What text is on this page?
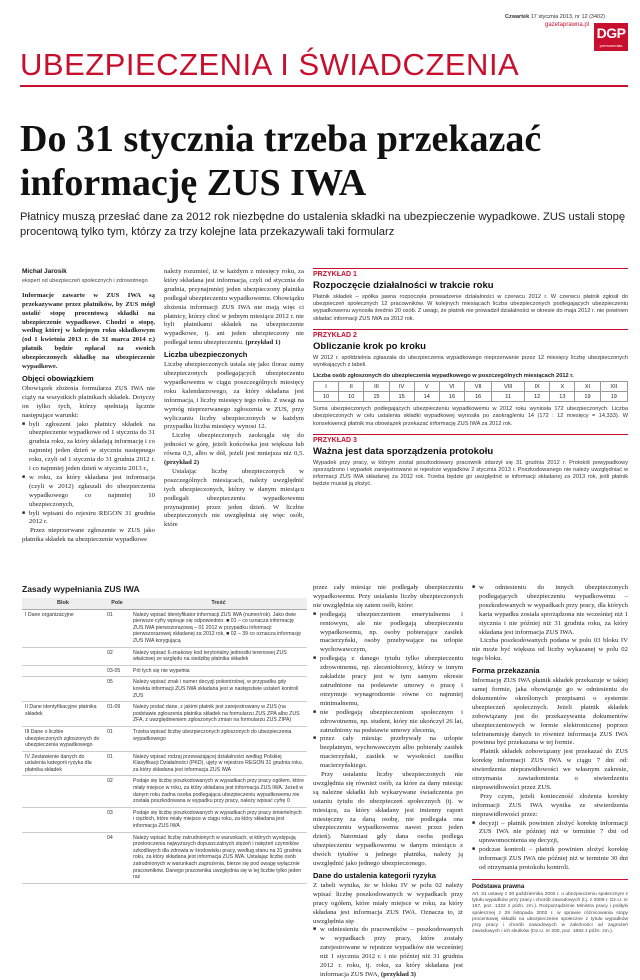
Czwartek 17 stycznia 2013, nr 12 (3402)
gazetaprawna.pl DGP
prenumerata
UBEZPIECZENIA I ŚWIADCZENIA
Do 31 stycznia trzeba przekazać informację ZUS IWA
Płatnicy muszą przesłać dane za 2012 rok niezbędne do ustalenia składki na ubezpieczenie wypadkowe. ZUS ustali stopę procentową tylko tym, którzy za trzy kolejne lata przekazywali taki formularz
Michał Jarosik
ekspert od ubezpieczeń społecznych i zdrowotnego

Informacje zawarte w ZUS IWA są przekazywane przez płatników, by ZUS mógł ustalić stopę procentową składki na ubezpieczenie wypadkowe. Chodzi o stopę, według której w kolejnym roku składkowym (od 1 kwietnia 2013 r. do 31 marca 2014 r.) płatnik będzie opłacał za swoich ubezpieczonych składkę na ubezpieczenie wypadkowe.

Objęci obowiązkiem

Obowiązek złożenia formularza ZUS IWA nie ciąży na wszystkich płatnikach składek. Dotyczy on tylko tych, którzy spełniają łącznie następujące warunki:

■ byli zgłoszeni jako płatnicy składek na ubezpieczenie wypadkowe od 1 stycznia do 31 grudnia roku, za który składają informację i co najmniej jeden dzień w styczniu następnego roku, czyli od 1 stycznia do 31 grudnia 2012 r. i co najmniej jeden dzień w styczniu 2013 r.,
■ w roku, za który składana jest informacja (czyli w 2012) zgłaszali do ubezpieczenia wypadkowego co najmniej 10 ubezpieczonych,
■ byli wpisani do rejestru REGON 31 grudnia 2012 r.

Przez nieprzerwane zgłoszenie w ZUS jako płatnika składek na ubezpieczenie wypadkowe

należy rozumieć, iż w każdym z miesięcy roku, za który składana jest informacja, czyli od stycznia do grudnia, przynajmniej jeden ubezpieczony płatnika podlegał ubezpieczeniu wypadkowemu. Obowiązku złożenia informacji ZUS IWA nie mają więc ci płatnicy, którzy choć w jednym miesiącu 2012 r. nie byli płatnikami składek na ubezpieczenie wypadkowe, tj. ani jeden ubezpieczony nie podlegał temu ubezpieczeniu. (przykład 1)

Liczba ubezpieczonych

Liczbę ubezpieczonych ustala się jako iloraz sumy ubezpieczonych podlegających ubezpieczeniu wypadkowemu w ciągu poszczególnych miesięcy roku kalendarzowego, za który składana jest informacja, i liczby miesięcy tego roku. Z uwagi na wymóg nieprzerwanego zgłoszenia w ZUS, przy wyliczaniu liczby ubezpieczonych w każdym przypadku liczba miesięcy wynosi 12.

Liczbę ubezpieczonych zaokrągla się do jedności w górę, jeżeli końcówka jest większa lub równa 0,5, albo w dół, jeżeli jest mniejsza niż 0,5. (przykład 2)

Ustalając liczbę ubezpieczonych w poszczególnych miesiącach, należy uwzględnić tych ubezpieczonych, którzy w danym miesiącu podlegali ubezpieczeniu wypadkowemu przynajmniej przez jeden dzień. W liczbie ubezpieczonych nie uwzględnia się więc osób, które

PRZYKŁAD 1
Rozpoczęcie działalności w trakcie roku
Płatnik składek – spółka jawna rozpoczęła prowadzenie działalności w czerwcu 2012 r. W czerwcu płatnik zgłosił do ubezpieczeń społecznych 12 pracowników. W kolejnych miesiącach liczba ubezpieczonych podlegających ubezpieczeniu wypadkowemu wynosiła średnio 20 osób. Z uwagi, że płatnik nie prowadził działalności w okresie do maja 2012 r. nie powinien składać informacji ZUS IWA za 2012 rok.
PRZYKŁAD 2
Obliczanie krok po kroku
W 2012 r. spółdzielnia zgłaszała do ubezpieczenia wypadkowego nieprzerwanie przez 12 miesięcy liczbę ubezpieczonych wynikających z tabeli.
Liczba osób zgłoszonych do ubezpieczenia wypadkowego w poszczególnych miesiącach 2012 r.
I	II	III	IV	V	VI	VII	VIII	IX	X	XI	XII
10	10	15	15	14	16	16	11	12	13	19	19
Suma ubezpieczonych podlegających ubezpieczeniu wypadkowemu w 2012 roku wyniosła 172 ubezpieczonych. Liczba ubezpieczonych w celu ustalenia składki wypadkowej wynosiła po zaokrągleniu 14 (172 : 12 miesięcy = 14,333). W konsekwencji płatnik ma obowiązek przekazać informację ZUS IWA za 2012 rok.
PRZYKŁAD 3
Ważna jest data sporządzenia protokołu
Wypadek przy pracy, w którym został poszkodowany pracownik zdarzył się 31 grudnia 2012 r. Protokół powypadkowy sporządzono i wypadek zarejestrowano w rejestrze wypadków 2 stycznia 2013 r. Poszkodowanego nie należy uwzględniać w informacji ZUS IWA składanej za 2012 rok. Trzeba będzie go uwzględnić w informacji składanej za 2013 rok, jeśli płatnik będzie musiał ją złożyć.
Zasady wypełniania ZUS IWA
Blok	Pole	Treść
I Dane organizacyjne	01	Należy wpisać identyfikator informacji ZUS IWA (numer/rok). Jako dwie pierwsze cyfry wpisuje się odpowiednio: ■ 01 – co oznacza informację ZUS IWA pierwszorazową – 01 2012 w przypadku informacji pierwszorazowej składanej za 2012 rok, ■ 02 – 39 co oznacza informację ZUS IWA korygującą
	02	Należy wpisać 6-znakowy kod terytorialny jednostki terenowej ZUS właściwej ze względu na siedzibę płatnika składek
	03-05	Pól tych się nie wypełnia
	05	Należy wpisać znak i numer decyzji pokontrolnej, w przypadku gdy korekta informacji ZUS IWA składana jest w następstwie ustaleń kontroli ZUS
II Dane identyfikacyjne płatnika składek	01-09	Należy podać dane, z jakimi płatnik jest zarejestrowany w ZUS (na podstawie zgłoszenia płatnika składek na formularzu ZUS ZPA albo ZUS ZFA, z uwzględnieniem zgłoszonych zmian na formularzu ZUS ZIPA)
III Dane o liczbie ubezpieczonych zgłoszonych do ubezpieczenia wypadkowego	01	Trzeba wpisać liczbę ubezpieczonych zgłoszonych do ubezpieczenia wypadkowego
IV Zestawienie danych do ustalenia kategorii ryzyka dla płatnika składek	01	Należy wpisać rodzaj przeważającej działalności według Polskiej Klasyfikacji Działalności (PKD), ujęty w rejestrze REGON 31 grudnia roku, za który składana jest informacja ZUS IWA
	02	Podaje się liczbę poszkodowanych w wypadkach przy pracy ogółem, które miały miejsce w roku, za który składana jest informacja ZUS IWA. Jeżeli w danym roku żadna osoba podlegająca ubezpieczeniu wypadkowemu nie została poszkodowana w wypadku przy pracy, należy wpisać cyfrę 0
	03	Podaje się liczbę poszkodowanych w wypadkach przy pracy śmiertelnych i ciężkich, które miały miejsce w ciągu roku, za który składana jest informacja ZUS IWA
	04	Należy wpisać liczbę zatrudnionych w warunkach, w których występują przekroczenia najwyższych dopuszczalnych stężeń i natężeń czynników szkodliwych dla zdrowia w środowisku pracy, według stanu na 31 grudnia roku, za który składana jest informacja ZUS IWA. Ustalając liczbę osób zatrudnionych w warunkach zagrożenia, bierze się pod uwagę wyłącznie pracowników. Danego pracownika uwzględnia się w tej liczbie tylko jeden raz

przez cały miesiąc nie podlegały ubezpieczeniu wypadkowemu. Przy ustalaniu liczby ubezpieczonych nie uwzględnia się zatem osób, które:

■ podlegają ubezpieczeniom emerytalnemu i rentowym, ale nie podlegają ubezpieczeniu wypadkowemu, np. osoby pobierające zasiłek macierzyński, osoby przebywające na urlopie wychowawczym,
■ podlegają z danego tytułu tylko ubezpieczeniu zdrowotnemu, np. zleceniobiorcy, którzy w innym zakładzie pracy jest w tym samym okresie zatrudnione na podstawie umowy o pracę i otrzymuje wynagrodzenie równe co najmniej minimalnemu,
■ nie podlegają ubezpieczeniom społecznym i zdrowotnemu, np. student, który nie ukończył 26 lat, zatrudniony na podstawie umowy zlecenia,
■ przez cały miesiąc przebywały na urlopie bezpłatnym, wychowawczym albo pobierały zasiłek macierzyński, zasiłek w wysokości zasiłku macierzyńskiego.

Przy ustalaniu liczby ubezpieczonych nie uwzględnia się również osób, za które za dany miesiąc są należne składki lub wykazywane świadczenia po ustaniu tytułu do ubezpieczeń społecznych (tj. w miesiącu, za który składany jest imienny raport miesięczny za daną osobę, nie podlegała ona ubezpieczeniu wypadkowemu nawet przez jeden dzień). Natomiast gdy dana osoba podlega ubezpieczeniu wypadkowemu w danym miesiącu z dwóch tytułów u jednego płatnika, należy ją uwzględnić jako jednego ubezpieczonego.

Dane do ustalenia kategorii ryzyka

Z tabeli wynika, że w bloku IV w polu 02 należy wpisać liczbę poszkodowanych w wypadkach przy pracy ogółem, które miały miejsce w roku, za który składana jest informacja ZUS IWA. Oznacza to, iż uwzględnia się:

■ w odniesieniu do pracowników – poszkodowanych w wypadkach przy pracy, które zostały zarejestrowane w rejestrze wypadków nie wcześniej niż 1 stycznia 2012 r. i nie później niż 31 grudnia 2012 r. roku, tj. roku, za który składana jest informacja ZUS IWA, (przykład 3)
■ w odniesieniu do innych ubezpieczonych podlegających ubezpieczeniu wypadkowemu – poszkodowanych w wypadkach przy pracy, dla których karta wypadku została sporządzona nie wcześniej niż 1 stycznia i nie później niż 31 grudnia roku, za który składana jest informacja ZUS IWA.

Liczba poszkodowanych podana w polu 03 bloku IV nie może być większa od liczby wykazanej w polu 02 tego bloku.

Forma przekazania

Informację ZUS IWA płatnik składek przekazuje w takiej samej formie, jaka obowiązuje go w odniesieniu do dokumentów określonych przepisami o systemie ubezpieczeń społecznych. Jeżeli płatnik składek zobowiązany jest do przekazywania dokumentów ubezpieczeniowych w formie elektronicznej poprzez teletransmisję danych to również informacja ZUS IWA powinna być przekazana w tej formie.

Płatnik składek zobowiązany jest przekazać do ZUS korektę informacji ZUS IWA w ciągu 7 dni od: stwierdzenia nieprawidłowości we własnym zakresie, otrzymania zawiadomienia o stwierdzeniu nieprawidłowości przez ZUS.

Przy czym, jeżeli konieczność złożenia korekty informacji ZUS IWA wynika ze stwierdzenia nieprawidłowości przez:

■ decyzji – płatnik powinien złożyć korektę informacji ZUS IWA nie później niż w terminie 7 dni od uprawomocnienia się decyzji,
■ podczas kontroli – płatnik powinien złożyć korektę informacji ZUS IWA nie później niż w terminie 30 dni od otrzymania protokołu kontroli.
Podstawa prawna
Art. 31 ustawy z 30 października 2002 r. o ubezpieczeniu społecznym z tytułu wypadków przy pracy i chorób zawodowych (t.j. z 2009 r. Dz.U. nr 167, poz. 1322 z późn. zm.). Rozporządzenie Ministra pracy i polityki społecznej z 29 listopada 2002 r. w sprawie różnicowania stopy procentowej składki na ubezpieczenie społeczne z tytułu wypadków przy pracy i chorób zawodowych w zależności od zagrożeń zawodowych i ich skutków (Dz.U. nr 200, poz. 1692 z późn. zm.).
